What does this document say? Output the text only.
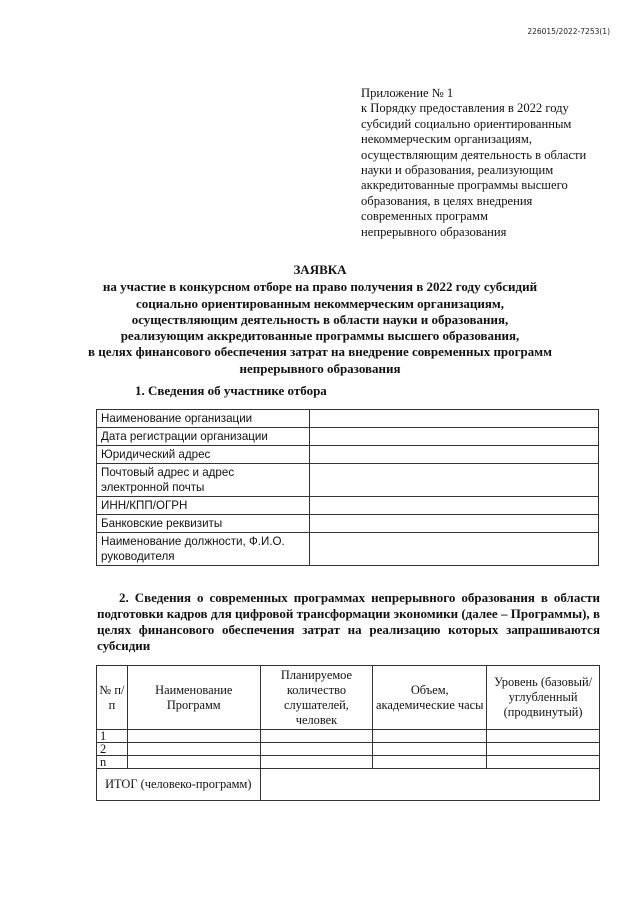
226015/2022-7253(1)
Приложение № 1
к Порядку предоставления в 2022 году
субсидий социально ориентированным
некоммерческим организациям,
осуществляющим деятельность в области
науки и образования, реализующим
аккредитованные программы высшего
образования, в целях внедрения
современных программ
непрерывного образования
ЗАЯВКА
на участие в конкурсном отборе на право получения в 2022 году субсидий
социально ориентированным некоммерческим организациям,
осуществляющим деятельность в области науки и образования,
реализующим аккредитованные программы высшего образования,
в целях финансового обеспечения затрат на внедрение современных программ
непрерывного образования
1. Сведения об участнике отбора
Наименование организации	
Дата регистрации организации	
Юридический адрес	
Почтовый адрес и адрес электронной почты	
ИНН/КПП/ОГРН	
Банковские реквизиты	
Наименование должности, Ф.И.О. руководителя	
2. Сведения о современных программах непрерывного образования в области подготовки кадров для цифровой трансформации экономики (далее – Программы), в целях финансового обеспечения затрат на реализацию которых запрашиваются субсидии
№ п/п	Наименование Программ	Планируемое количество слушателей, человек	Объем, академические часы	Уровень (базовый/ углубленный (продвинутый)
1				
2				
n				
ИТОГ (человеко-программ)				
